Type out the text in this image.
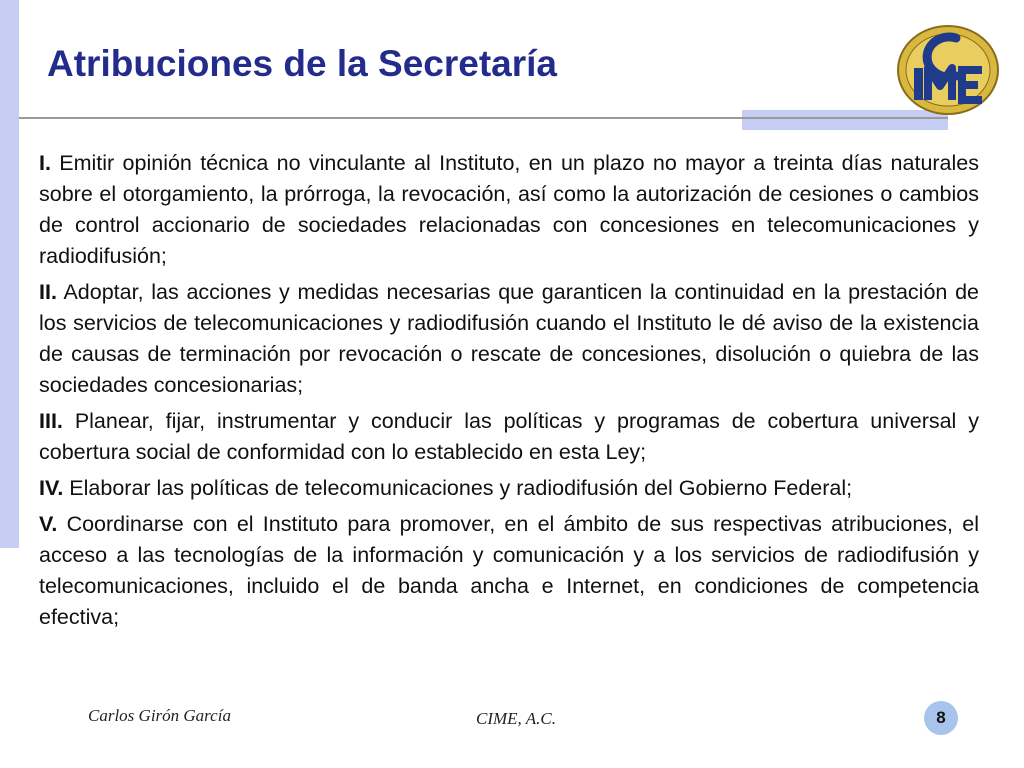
Atribuciones de la Secretaría

I. Emitir opinión técnica no vinculante al Instituto, en un plazo no mayor a treinta días naturales sobre el otorgamiento, la prórroga, la revocación, así como la autorización de cesiones o cambios de control accionario de sociedades relacionadas con concesiones en telecomunicaciones y radiodifusión;

II. Adoptar, las acciones y medidas necesarias que garanticen la continuidad en la prestación de los servicios de telecomunicaciones y radiodifusión cuando el Instituto le dé aviso de la existencia de causas de terminación por revocación o rescate de concesiones, disolución o quiebra de las sociedades concesionarias;

III. Planear, fijar, instrumentar y conducir las políticas y programas de cobertura universal y cobertura social de conformidad con lo establecido en esta Ley;

IV. Elaborar las políticas de telecomunicaciones y radiodifusión del Gobierno Federal;

V. Coordinarse con el Instituto para promover, en el ámbito de sus respectivas atribuciones, el acceso a las tecnologías de la información y comunicación y a los servicios de radiodifusión y telecomunicaciones, incluido el de banda ancha e Internet, en condiciones de competencia efectiva;

Carlos Girón García	CIME, A.C.	8
